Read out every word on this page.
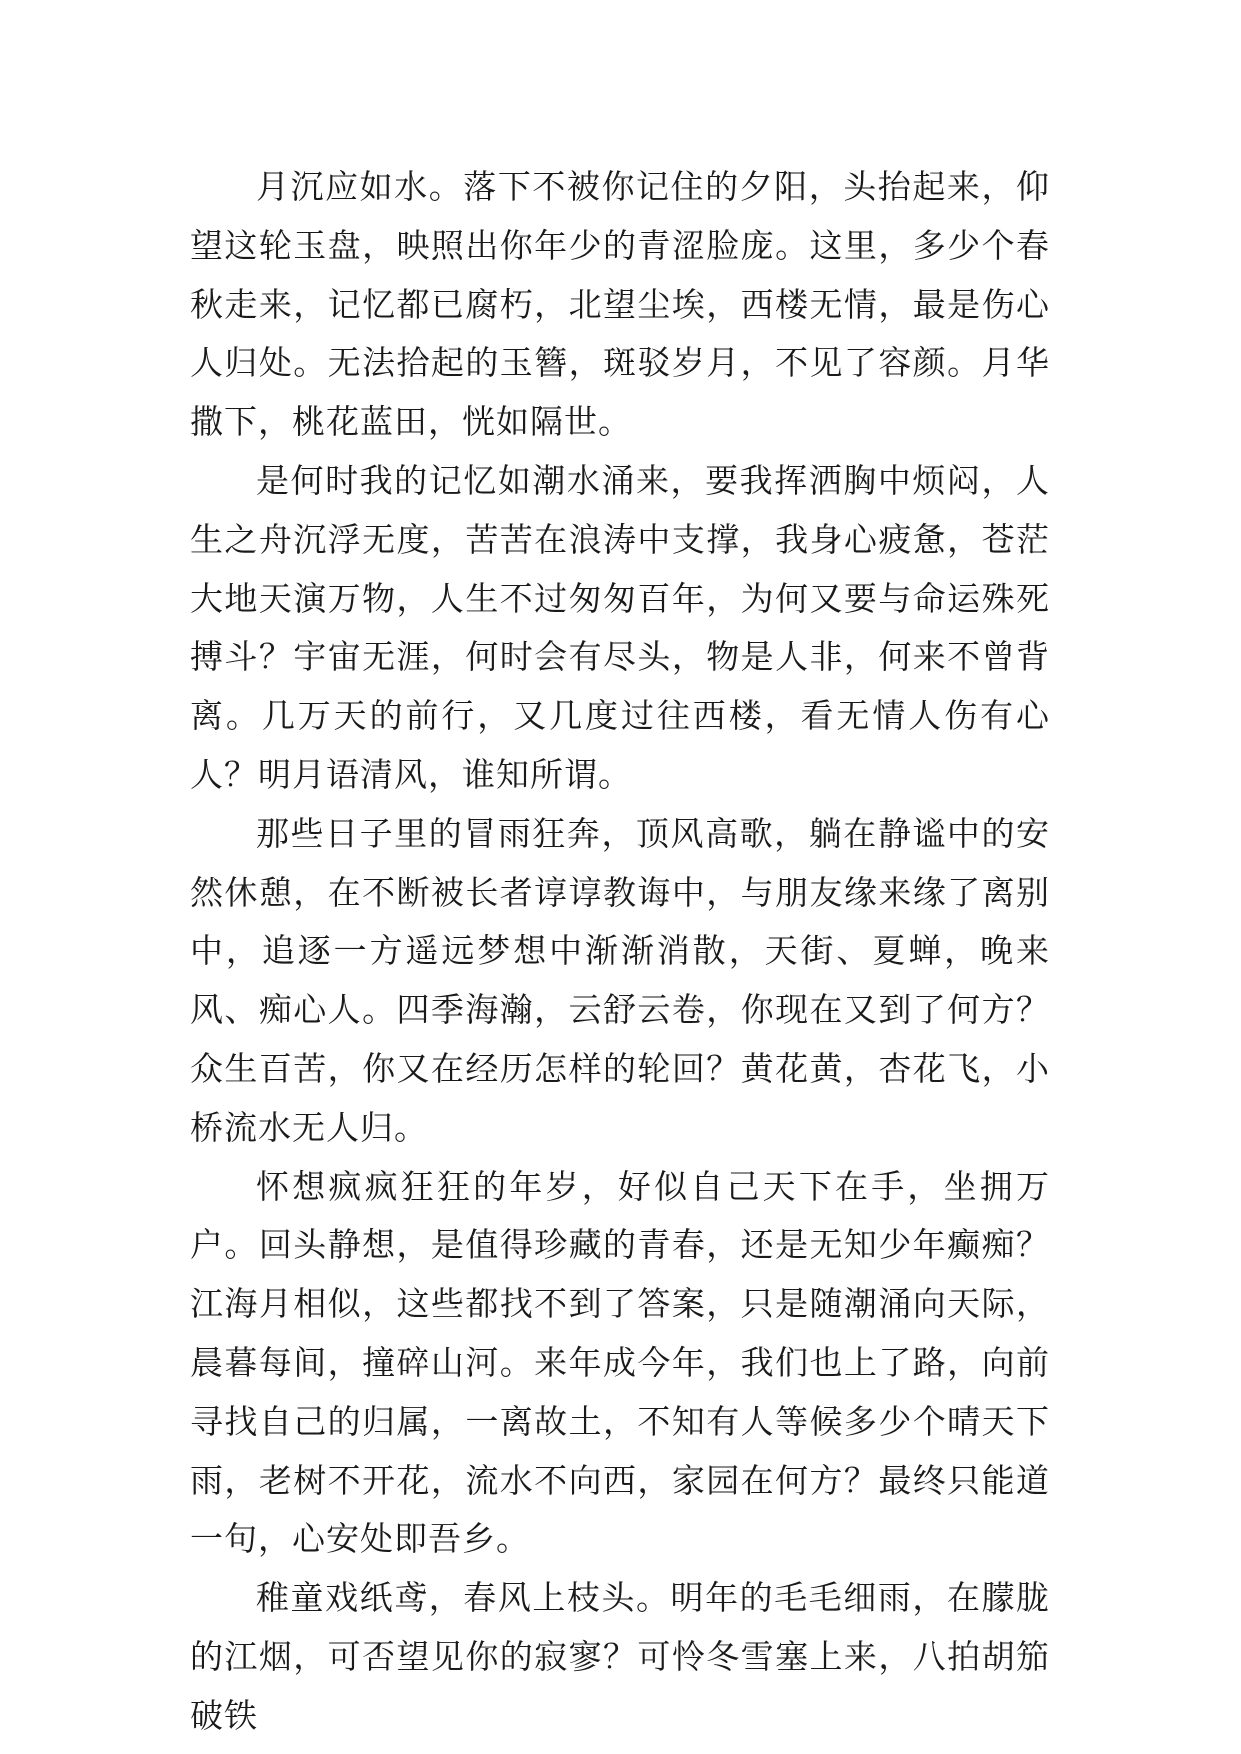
月沉应如水。落下不被你记住的夕阳，头抬起来，仰望这轮玉盘，映照出你年少的青涩脸庞。这里，多少个春秋走来，记忆都已腐朽，北望尘埃，西楼无情，最是伤心人归处。无法拾起的玉簪，斑驳岁月，不见了容颜。月华撒下，桃花蓝田，恍如隔世。

是何时我的记忆如潮水涌来，要我挥洒胸中烦闷，人生之舟沉浮无度，苦苦在浪涛中支撑，我身心疲惫，苍茫大地天演万物，人生不过匆匆百年，为何又要与命运殊死搏斗？宇宙无涯，何时会有尽头，物是人非，何来不曾背离。几万天的前行，又几度过往西楼，看无情人伤有心人？明月语清风，谁知所谓。

那些日子里的冒雨狂奔，顶风高歌，躺在静谧中的安然休憩，在不断被长者谆谆教诲中，与朋友缘来缘了离别中，追逐一方遥远梦想中渐渐消散，天街、夏蝉，晚来风、痴心人。四季海瀚，云舒云卷，你现在又到了何方？众生百苦，你又在经历怎样的轮回？黄花黄，杏花飞，小桥流水无人归。

怀想疯疯狂狂的年岁，好似自己天下在手，坐拥万户。回头静想，是值得珍藏的青春，还是无知少年癫痴？江海月相似，这些都找不到了答案，只是随潮涌向天际，晨暮每间，撞碎山河。来年成今年，我们也上了路，向前寻找自己的归属，一离故土，不知有人等候多少个晴天下雨，老树不开花，流水不向西，家园在何方？最终只能道一句，心安处即吾乡。

稚童戏纸鸢，春风上枝头。明年的毛毛细雨，在朦胧的江烟，可否望见你的寂寥？可怜冬雪塞上来，八拍胡笳破铁
